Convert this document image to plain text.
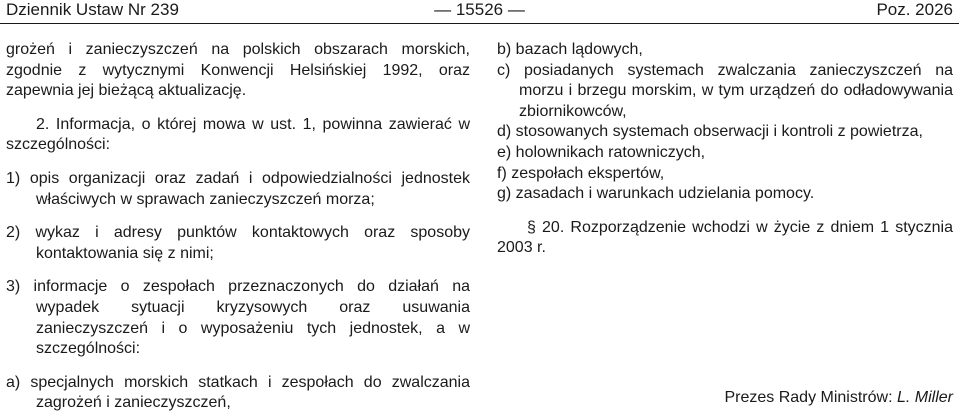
Dziennik Ustaw Nr 239	— 15526 —	Poz. 2026

grożeń i zanieczyszczeń na polskich obszarach morskich, zgodnie z wytycznymi Konwencji Helsińskiej 1992, oraz zapewnia jej bieżącą aktualizację.

2. Informacja, o której mowa w ust. 1, powinna zawierać w szczególności:

1) opis organizacji oraz zadań i odpowiedzialności jednostek właściwych w sprawach zanieczyszczeń morza;

2) wykaz i adresy punktów kontaktowych oraz sposoby kontaktowania się z nimi;

3) informacje o zespołach przeznaczonych do działań na wypadek sytuacji kryzysowych oraz usuwania zanieczyszczeń i o wyposażeniu tych jednostek, a w szczególności:

a) specjalnych morskich statkach i zespołach do zwalczania zagrożeń i zanieczyszczeń,

b) bazach lądowych,

c) posiadanych systemach zwalczania zanieczyszczeń na morzu i brzegu morskim, w tym urządzeń do odładowywania zbiornikowców,

d) stosowanych systemach obserwacji i kontroli z powietrza,

e) holownikach ratowniczych,

f) zespołach ekspertów,

g) zasadach i warunkach udzielania pomocy.

§ 20. Rozporządzenie wchodzi w życie z dniem 1 stycznia 2003 r.

Prezes Rady Ministrów: L. Miller
